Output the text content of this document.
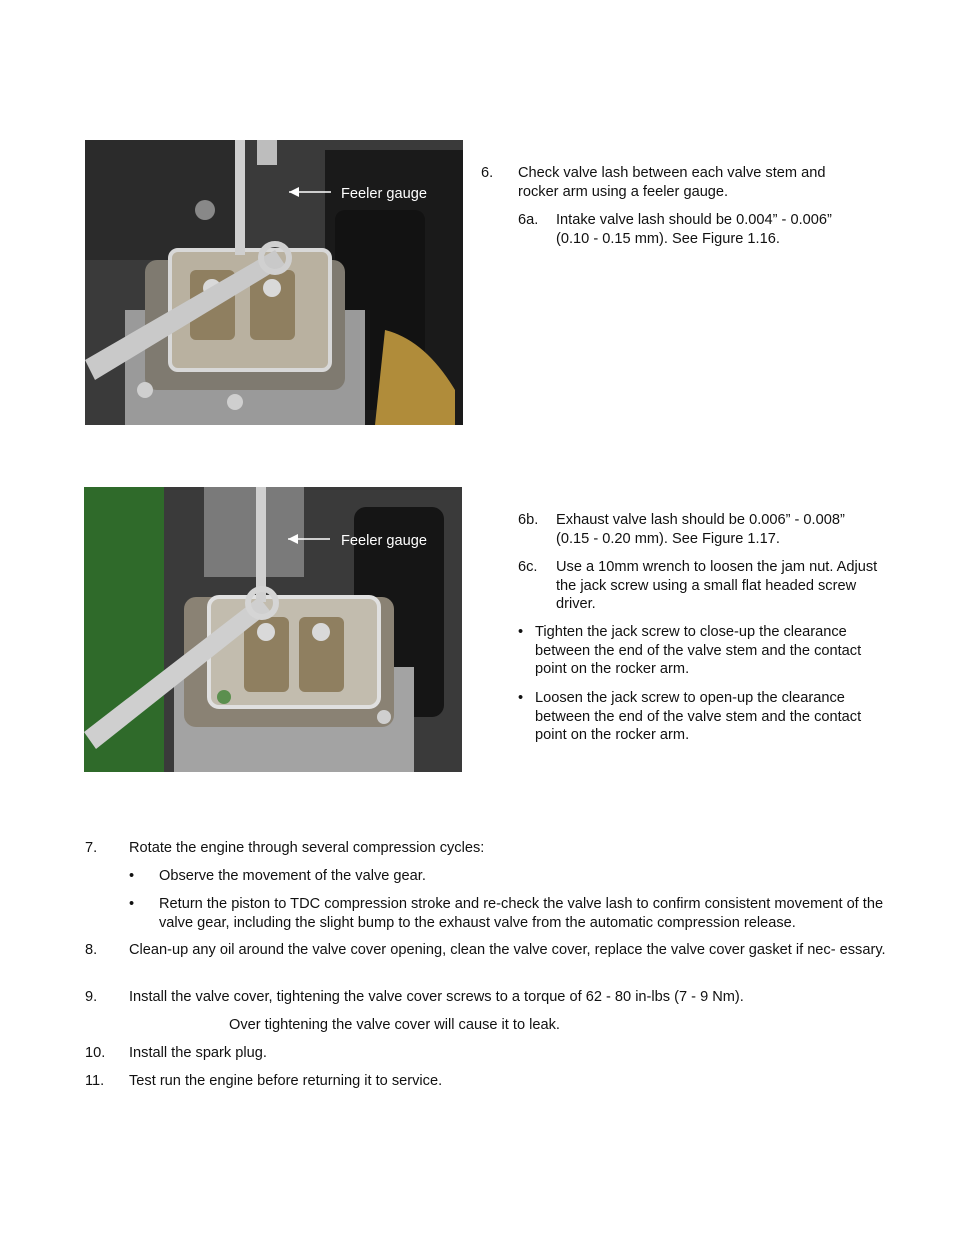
Feeler gauge
Feeler gauge
6. Check valve lash between each valve stem and rocker arm using a feeler gauge.
6a. Intake valve lash should be 0.004” - 0.006” (0.10 - 0.15 mm). See Figure 1.16.
6b. Exhaust valve lash should be 0.006” - 0.008” (0.15 - 0.20 mm). See Figure 1.17.
6c. Use a 10mm wrench to loosen the jam nut. Adjust the jack screw using a small flat headed screw driver.
• Tighten the jack screw to close-up the clearance between the end of the valve stem and the contact point on the rocker arm.
• Loosen the jack screw to open-up the clearance between the end of the valve stem and the contact point on the rocker arm.
7. Rotate the engine through several compression cycles:
• Observe the movement of the valve gear.
• Return the piston to TDC compression stroke and re-check the valve lash to confirm consistent movement of the valve gear, including the slight bump to the exhaust valve from the automatic compression release.
8. Clean-up any oil around the valve cover opening, clean the valve cover, replace the valve cover gasket if nec- essary.
9. Install the valve cover, tightening the valve cover screws to a torque of 62 - 80 in-lbs (7 - 9 Nm).
Over tightening the valve cover will cause it to leak.
10. Install the spark plug.
11. Test run the engine before returning it to service.
